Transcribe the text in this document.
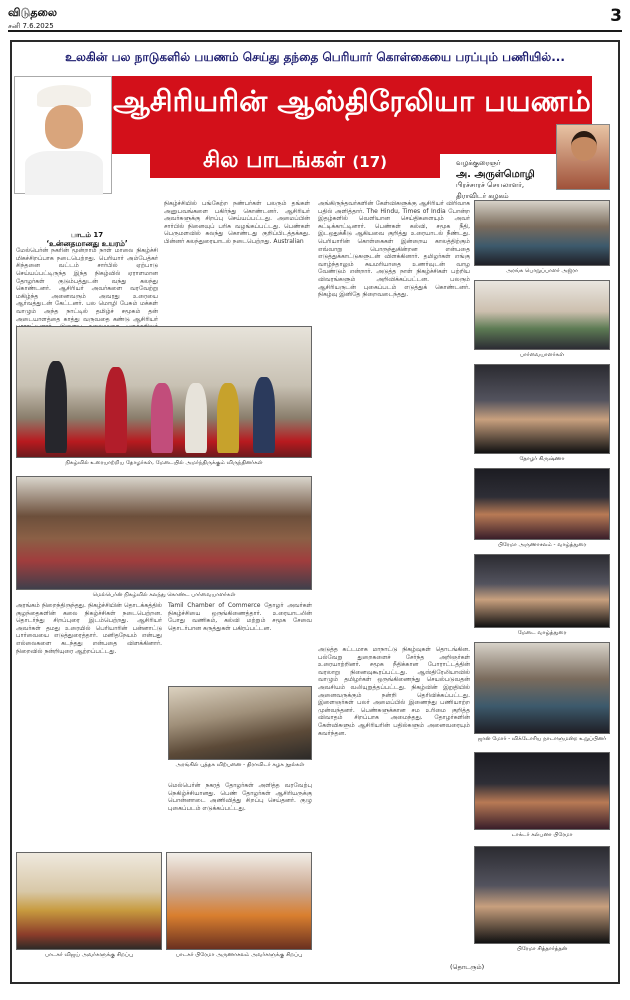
விடுதலை
சனி 7.6.2025	3
உலகின் பல நாடுகளில் பயணம் செய்து தந்தை பெரியார் கொள்கையை பரப்பும் பணியில்...
ஆசிரியரின் ஆஸ்திரேலியா பயணம்
சில பாடங்கள் (17)	வழக்குரைஞர்
அ. அருள்மொழி
பிரச்சாரச் செயலாளர்,
திராவிடர் கழகம்
பாடம் 17
‘உன்னதமானது உயரம்’
மேல்பெர்ன் நகரின் மூன்றாம் நாள் மாலை நிகழ்ச்சி மிகச்சிறப்பாக நடைபெற்றது. பெரியார் அம்பேத்கர் சிந்தனை வட்டம் சார்பில் ஏற்பாடு செய்யப்பட்டிருந்த இந்த நிகழ்வில் ஏராளமான தோழர்கள் குடும்பத்துடன் வந்து கலந்து கொண்டனர். ஆசிரியர் அவர்களை வரவேற்று மகிழ்ந்த அனைவரும் அவரது உரையை ஆர்வத்துடன் கேட்டனர். பல மொழி பேசும் மக்கள் வாழும் அந்த நாட்டில் தமிழ்ச் சமூகம் தன் அடையாளத்தை காத்து வருவதை கண்டு ஆசிரியர்
நிகழ்ச்சியில் பங்கேற்ற நண்பர்கள் பலரும் தங்கள் அனுபவங்களை பகிர்ந்து கொண்டனர். ஆசிரியர் அவர்களுக்கு சிறப்பு செய்யப்பட்டது. அமைப்பின் சார்பில் நினைவுப் பரிசு வழங்கப்பட்டது. பெண்கள் பெருமளவில் கலந்து கொண்டது குறிப்பிடத்தக்கது. பின்னர் கலந்துரையாடல் நடைபெற்றது. Australian
நிகழ்வில் உரையாற்றிய தோழர்கள், மேடையில் அமர்ந்திருக்கும் விருந்தினர்கள்
மெல்பெர்ன் நிகழ்வில் கலந்து கொண்ட பார்வையாளர்கள்
அரங்கம் நிறைந்திருந்தது. நிகழ்ச்சியின் தொடக்கத்தில் குழந்தைகளின் கலை நிகழ்ச்சிகள் நடைபெற்றன. தொடர்ந்து சிறப்புரை இடம்பெற்றது. ஆசிரியர் அவர்கள் தமது உரையில் பெரியாரின் பன்னாட்டு பார்வையை எடுத்துரைத்தார். மனிதநேயம் என்பது எல்லைகளை கடந்தது என்பதை விளக்கினார். நிறைவில் நன்றியுரை ஆற்றப்பட்டது.
Tamil Chamber of Commerce தோழர் அவர்கள் நிகழ்ச்சியை ஒருங்கிணைத்தார். உரையாடலின் போது வணிகம், கல்வி மற்றும் சமூக சேவை தொடர்பான கருத்துகள் பகிரப்பட்டன.
அரங்கில் புத்தக விற்பனை - திராவிடர் கழக நூல்கள்
மெல்பெர்ன் நகரத் தோழர்கள் அளித்த வரவேற்பு நெகிழ்ச்சியானது. பெண் தோழர்கள் ஆசிரியருக்கு பொன்னாடை அணிவித்து சிறப்பு செய்தனர். குழு புகைப்படம் எடுக்கப்பட்டது.
பாடகர் விஜய் அவர்களுக்கு சிறப்பு	பாடகர் பிரேமா அருணாசலம் அவர்களுக்கு சிறப்பு
அங்கிருந்தவர்களின் கேள்விகளுக்கு ஆசிரியர் விரிவாக பதில் அளித்தார். The Hindu, Times of India போன்ற இதழ்களில் வெளியான செய்திகளையும் அவர் சுட்டிக்காட்டினார். பெண்கள் கல்வி, சமூக நீதி, இடஒதுக்கீடு ஆகியவை குறித்து உரையாடல் நீண்டது. பெரியாரின் கொள்கைகள் இன்றைய காலத்திற்கும் எவ்வாறு பொருந்துகின்றன என்பதை எடுத்துக்காட்டுகளுடன் விளக்கினார். தமிழர்கள் எங்கு வாழ்ந்தாலும் சுயமரியாதை உணர்வுடன் வாழ வேண்டும் என்றார். அடுத்த நாள் நிகழ்ச்சிகள் பற்றிய விவரங்களும் அறிவிக்கப்பட்டன. பலரும் ஆசிரியருடன் புகைப்படம் எடுத்துக் கொண்டனர். நிகழ்வு இனிதே நிறைவடைந்தது.
அடுத்த கட்டமாக மாநாட்டு நிகழ்வுகள் தொடங்கின. பல்வேறு துறைகளைச் சேர்ந்த அறிஞர்கள் உரையாற்றினர். சமூக நீதிக்கான போராட்டத்தின் வரலாறு நினைவுகூரப்பட்டது. ஆஸ்திரேலியாவில் வாழும் தமிழர்கள் ஒருங்கிணைந்து செயல்படுவதன் அவசியம் வலியுறுத்தப்பட்டது. நிகழ்வின் இறுதியில் அனைவருக்கும் நன்றி தெரிவிக்கப்பட்டது. இளைஞர்கள் பலர் அமைப்பில் இணைந்து பணியாற்ற முன்வந்தனர். பெண்களுக்கான சம உரிமை குறித்த விவாதம் சிறப்பாக அமைந்தது. தோழர்களின் கேள்விகளும் ஆசிரியரின் பதில்களும் அனைவரையும் கவர்ந்தன.
(தொடரும்)
அரங்க பொறுப்பாளர் அஜ்ரா
பார்வையாளர்கள்
தோழர் கிருஷ்ணா
பிரேமா அருணாசலம் - வாழ்த்துரை
மேடை வாழ்த்துரை
ஜான் மோர் - விக்டோரிய நாடாளுமன்ற உறுப்பினர்
டாக்டர் கல்பனா பிரேமா
பிரேமா சித்தார்த்தன்
